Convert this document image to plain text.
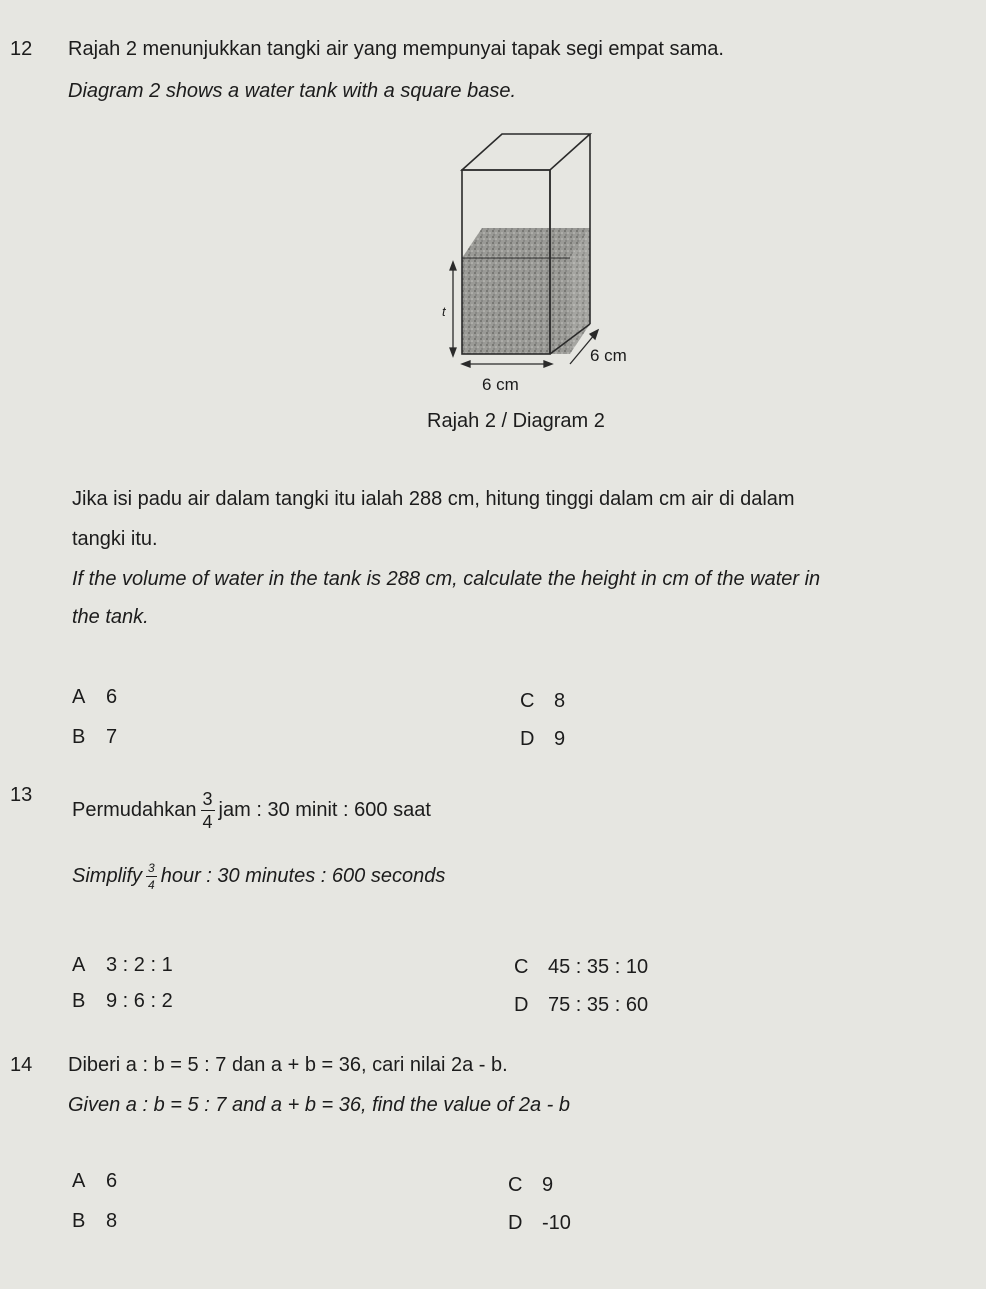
12 Rajah 2 menunjukkan tangki air yang mempunyai tapak segi empat sama.
Diagram 2 shows a water tank with a square base.
t
6 cm
6 cm
Rajah 2 / Diagram 2
Jika isi padu air dalam tangki itu ialah 288 cm, hitung tinggi dalam cm air di dalam
tangki itu.
If the volume of water in the tank is 288 cm, calculate the height in cm of the water in
the tank.
A 6
B 7
C 8
D 9
13
Permudahkan $\frac{3}{4}$ jam : 30 minit : 600 saat
Simplify $\frac{3}{4}$ hour : 30 minutes : 600 seconds
A 3 : 2 : 1
B 9 : 6 : 2
C 45 : 35 : 10
D 75 : 35 : 60
14 Diberi a : b = 5 : 7 dan a + b = 36, cari nilai 2a - b.
Given a : b = 5 : 7 and a + b = 36, find the value of 2a - b
A 6
B 8
C 9
D -10
